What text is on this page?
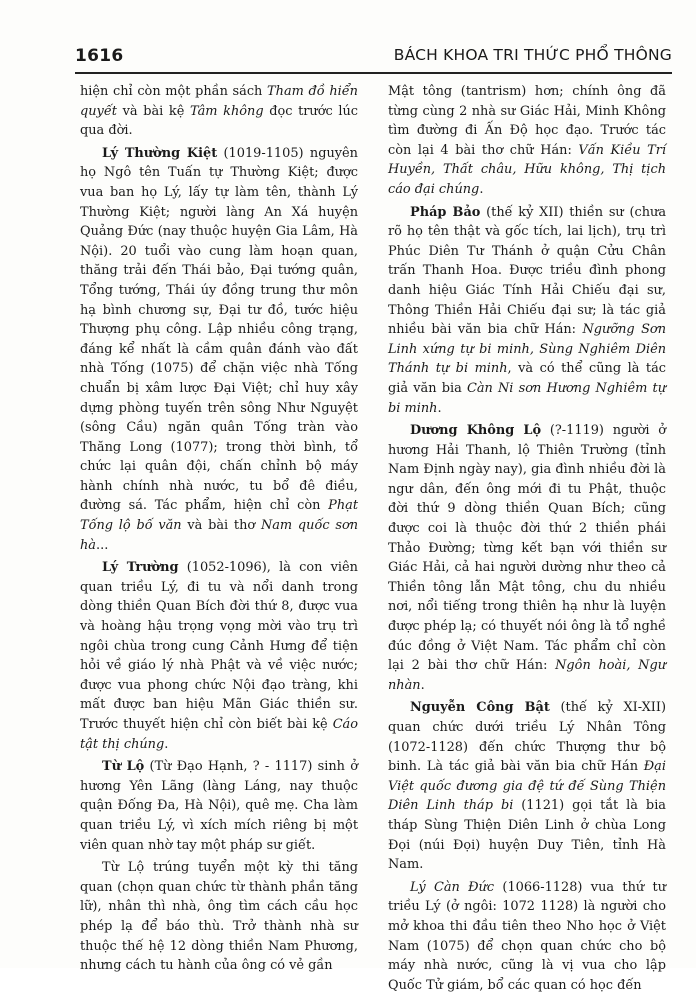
1616	BÁCH KHOA TRI THỨC PHỔ THÔNG

hiện chỉ còn một phần sách Tham đồ hiển quyết và bài kệ Tâm không đọc trước lúc qua đời.

Lý Thường Kiệt (1019-1105) nguyên họ Ngô tên Tuấn tự Thường Kiệt; được vua ban họ Lý, lấy tự làm tên, thành Lý Thường Kiệt; người làng An Xá huyện Quảng Đức (nay thuộc huyện Gia Lâm, Hà Nội). 20 tuổi vào cung làm hoạn quan, thăng trải đến Thái bảo, Đại tướng quân, Tổng tướng, Thái úy đồng trung thư môn hạ bình chương sự, Đại tư đồ, tước hiệu Thượng phụ công. Lập nhiều công trạng, đáng kể nhất là cầm quân đánh vào đất nhà Tống (1075) để chặn việc nhà Tống chuẩn bị xâm lược Đại Việt; chỉ huy xây dựng phòng tuyến trên sông Như Nguyệt (sông Cầu) ngăn quân Tống tràn vào Thăng Long (1077); trong thời bình, tổ chức lại quân đội, chấn chỉnh bộ máy hành chính nhà nước, tu bổ đê điều, đường sá. Tác phẩm, hiện chỉ còn Phạt Tống lộ bố văn và bài thơ Nam quốc sơn hà...

Lý Trường (1052-1096), là con viên quan triều Lý, đi tu và nổi danh trong dòng thiền Quan Bích đời thứ 8, được vua và hoàng hậu trọng vọng mời vào trụ trì ngôi chùa trong cung Cảnh Hưng để tiện hỏi về giáo lý nhà Phật và về việc nước; được vua phong chức Nội đạo tràng, khi mất được ban hiệu Mãn Giác thiền sư. Trước thuyết hiện chỉ còn biết bài kệ Cáo tật thị chúng.

Từ Lộ (Từ Đạo Hạnh, ? - 1117) sinh ở hương Yên Lãng (làng Láng, nay thuộc quận Đống Đa, Hà Nội), quê mẹ. Cha làm quan triều Lý, vì xích mích riêng bị một viên quan nhờ tay một pháp sư giết.

Từ Lộ trúng tuyển một kỳ thi tăng quan (chọn quan chức từ thành phần tăng lữ), nhân thì nhà, ông tìm cách cầu học phép lạ để báo thù. Trở thành nhà sư thuộc thế hệ 12 dòng thiền Nam Phương, nhưng cách tu hành của ông có vẻ gần

Mật tông (tantrism) hơn; chính ông đã từng cùng 2 nhà sư Giác Hải, Minh Không tìm đường đi Ấn Độ học đạo. Trước tác còn lại 4 bài thơ chữ Hán: Vấn Kiều Trí Huyền, Thất châu, Hữu không, Thị tịch cáo đại chúng.

Pháp Bảo (thế kỷ XII) thiền sư (chưa rõ họ tên thật và gốc tích, lai lịch), trụ trì Phúc Diên Tư Thánh ở quận Cửu Chân trấn Thanh Hoa. Được triều đình phong danh hiệu Giác Tính Hải Chiếu đại sư, Thông Thiền Hải Chiếu đại sư; là tác giả nhiều bài văn bia chữ Hán: Ngưỡng Sơn Linh xứng tự bi minh, Sùng Nghiêm Diên Thánh tự bi minh, và có thể cũng là tác giả văn bia Càn Ni sơn Hương Nghiêm tự bi minh.

Dương Không Lộ (?-1119) người ở hương Hải Thanh, lộ Thiên Trường (tỉnh Nam Định ngày nay), gia đình nhiều đời là ngư dân, đến ông mới đi tu Phật, thuộc đời thứ 9 dòng thiền Quan Bích; cũng được coi là thuộc đời thứ 2 thiền phái Thảo Đường; từng kết bạn với thiền sư Giác Hải, cả hai người dường như theo cả Thiền tông lẫn Mật tông, chu du nhiều nơi, nổi tiếng trong thiên hạ như là luyện được phép lạ; có thuyết nói ông là tổ nghề đúc đồng ở Việt Nam. Tác phẩm chỉ còn lại 2 bài thơ chữ Hán: Ngôn hoài, Ngư nhàn.

Nguyễn Công Bật (thế kỷ XI-XII) quan chức dưới triều Lý Nhân Tông (1072-1128) đến chức Thượng thư bộ binh. Là tác giả bài văn bia chữ Hán Đại Việt quốc đương gia đệ tứ đế Sùng Thiện Diên Linh tháp bi (1121) gọi tắt là bia tháp Sùng Thiện Diên Linh ở chùa Long Đọi (núi Đọi) huyện Duy Tiên, tỉnh Hà Nam.

Lý Càn Đức (1066-1128) vua thứ tư triều Lý (ở ngôi: 1072 1128) là người cho mở khoa thi đầu tiên theo Nho học ở Việt Nam (1075) để chọn quan chức cho bộ máy nhà nước, cũng là vị vua cho lập Quốc Tử giám, bổ các quan có học đến
